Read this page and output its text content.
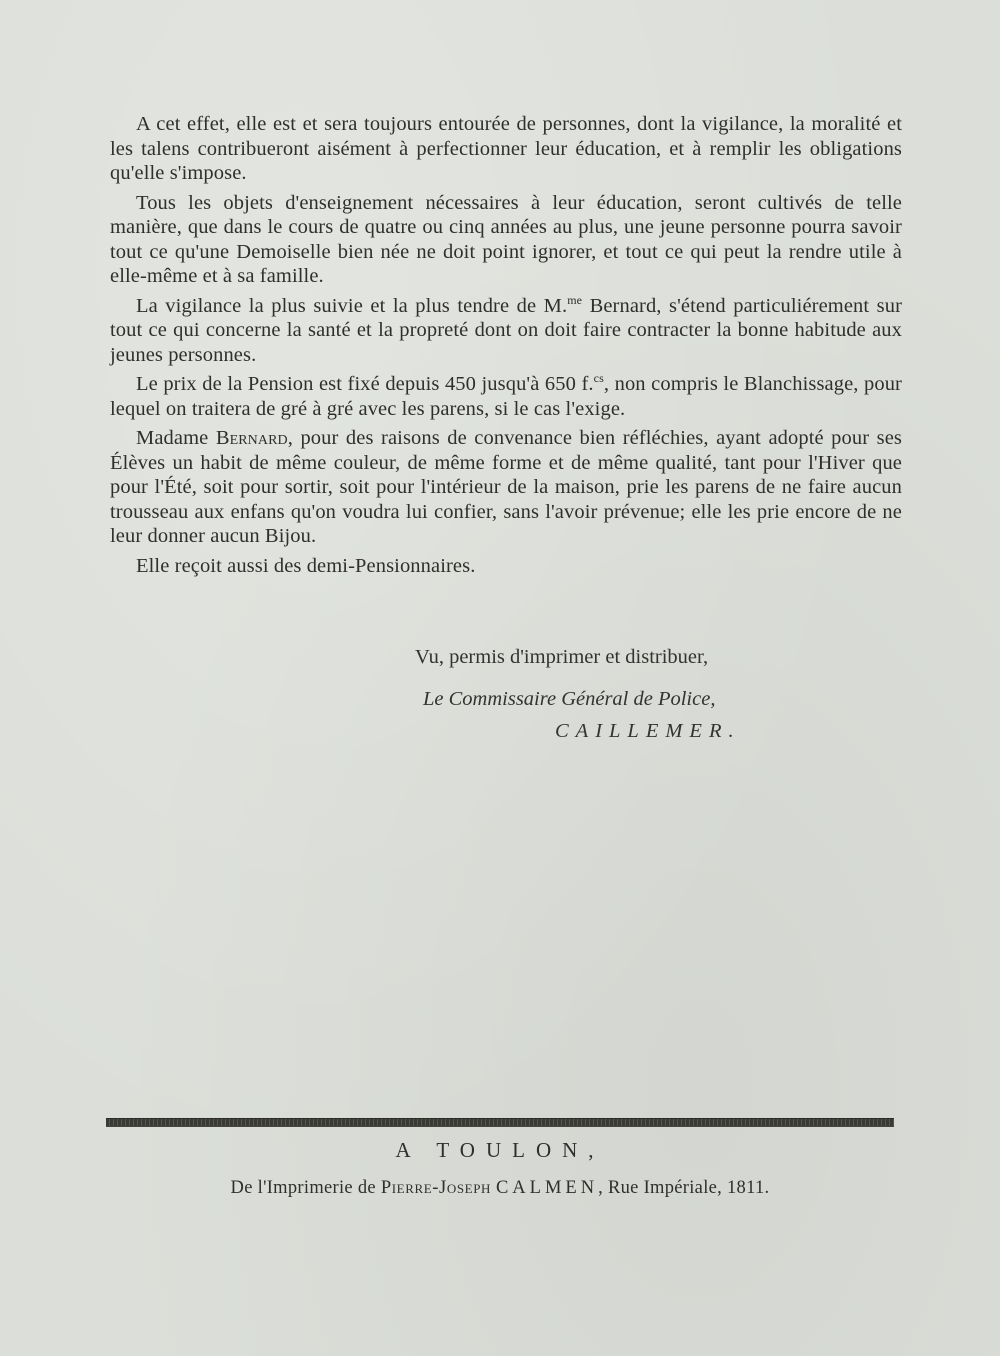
A cet effet, elle est et sera toujours entourée de personnes, dont la vigilance, la moralité et les talens contribueront aisément à perfectionner leur éducation, et à remplir les obligations qu'elle s'impose.

Tous les objets d'enseignement nécessaires à leur éducation, seront cultivés de telle manière, que dans le cours de quatre ou cinq années au plus, une jeune personne pourra savoir tout ce qu'une Demoiselle bien née ne doit point ignorer, et tout ce qui peut la rendre utile à elle-même et à sa famille.

La vigilance la plus suivie et la plus tendre de M.$^{me}$ Bernard, s'étend particuliérement sur tout ce qui concerne la santé et la propreté dont on doit faire contracter la bonne habitude aux jeunes personnes.

Le prix de la Pension est fixé depuis 450 jusqu'à 650 f.$^{cs}$, non compris le Blanchissage, pour lequel on traitera de gré à gré avec les parens, si le cas l'exige.

Madame Bernard, pour des raisons de convenance bien réfléchies, ayant adopté pour ses Élèves un habit de même couleur, de même forme et de même qualité, tant pour l'Hiver que pour l'Été, soit pour sortir, soit pour l'intérieur de la maison, prie les parens de ne faire aucun trousseau aux enfans qu'on voudra lui confier, sans l'avoir prévenue; elle les prie encore de ne leur donner aucun Bijou.

Elle reçoit aussi des demi-Pensionnaires.

Vu, permis d'imprimer et distribuer,
Le Commissaire Général de Police,
CAILLEMER.
A TOULON,
De l'Imprimerie de Pierre-Joseph CALMEN, Rue Impériale, 1811.
